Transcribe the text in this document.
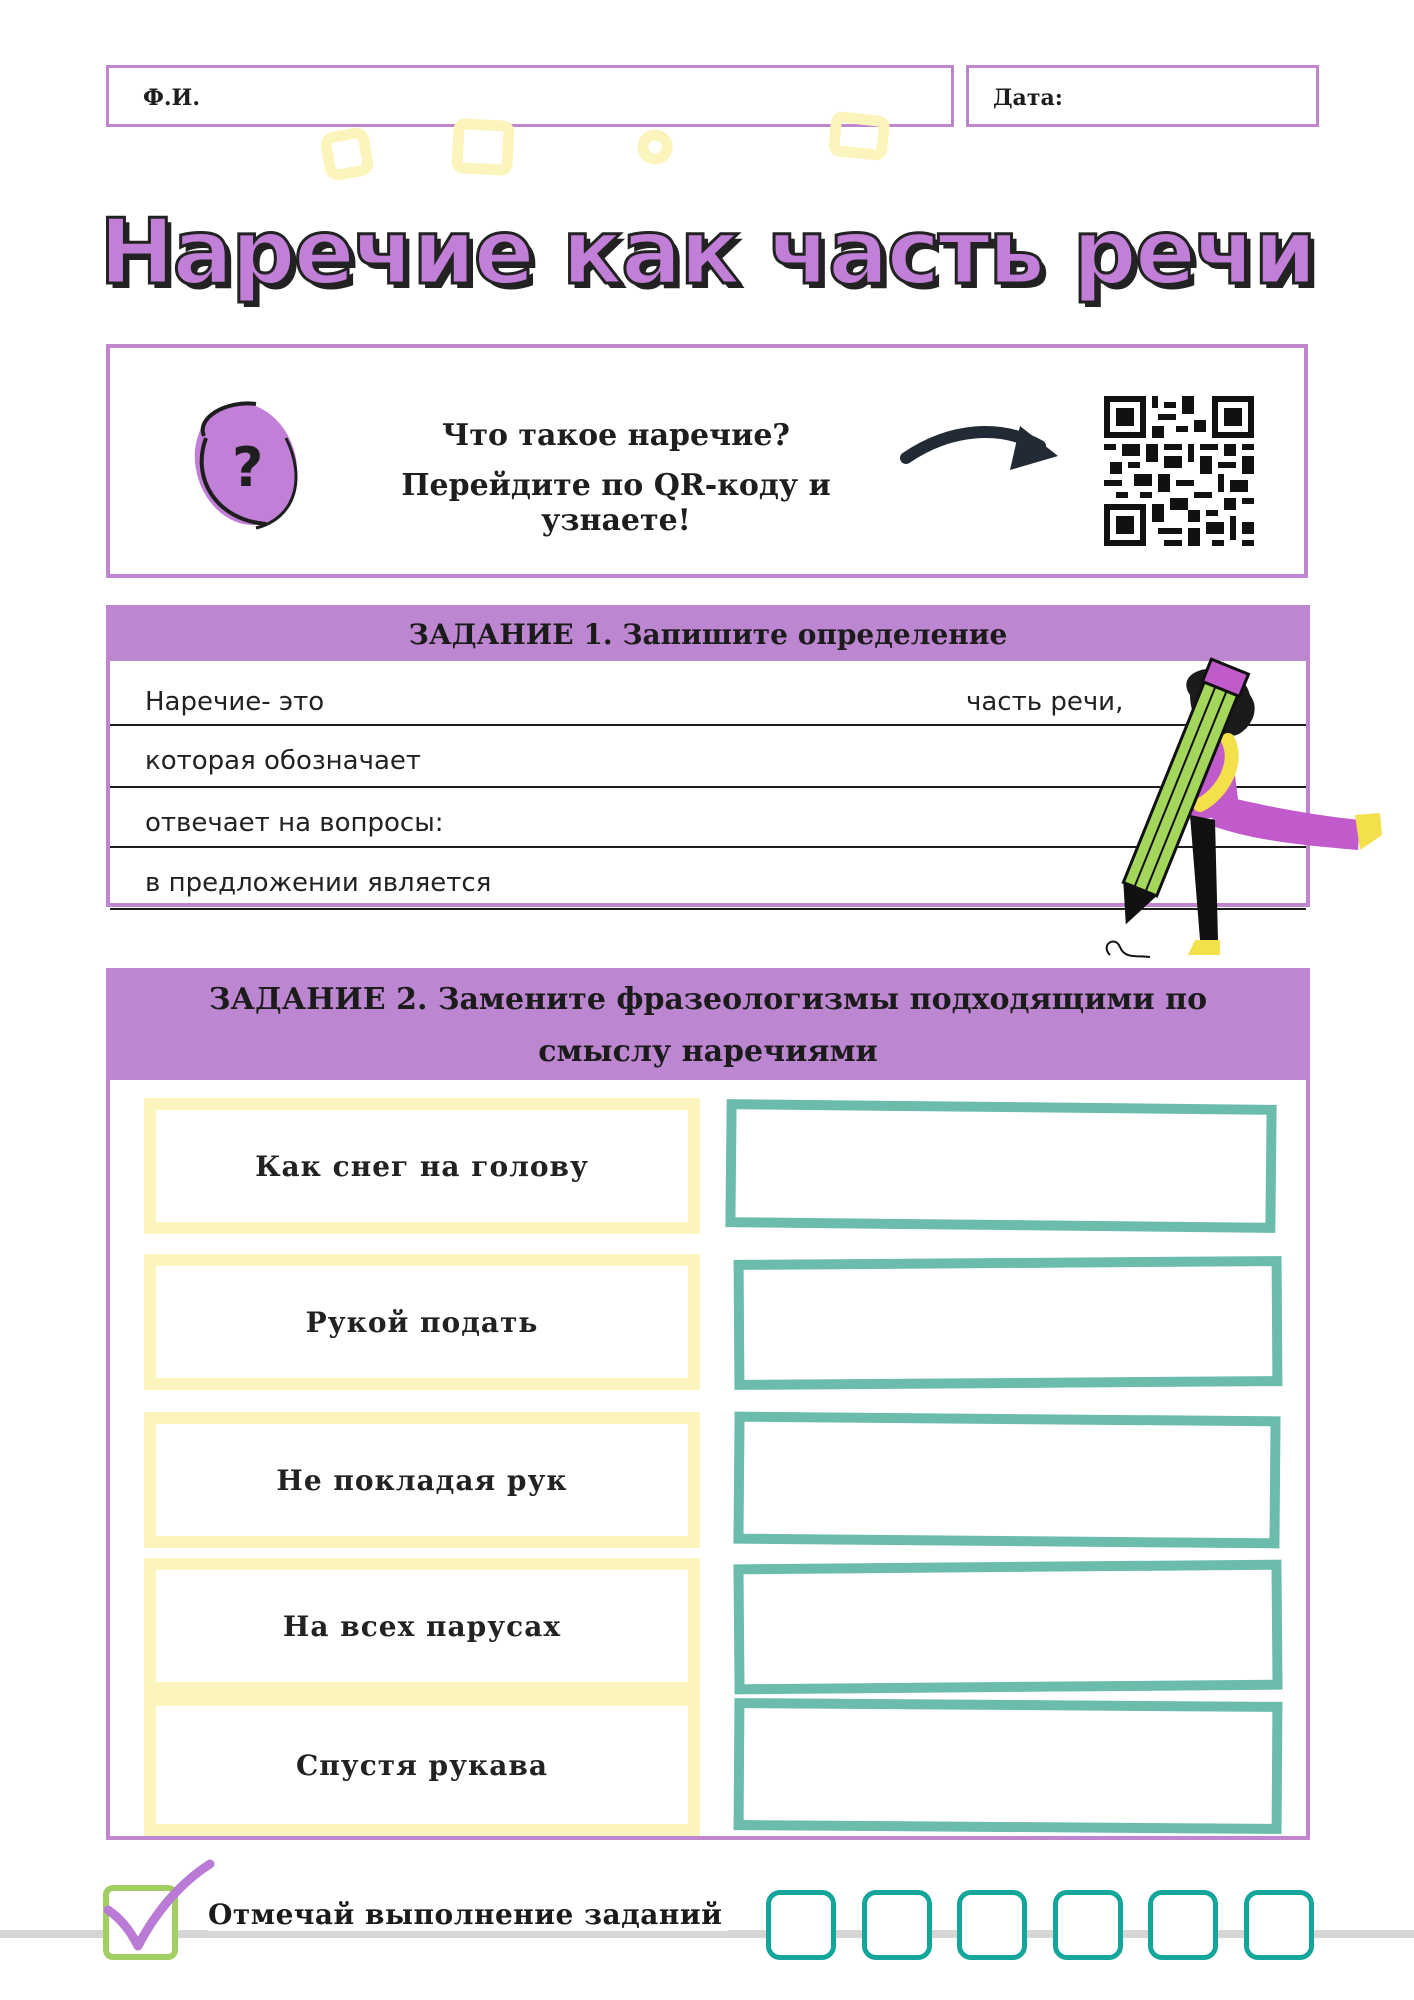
Ф.И.	Дата:
Наречие как часть речи
?
Что такое наречие?
Перейдите по QR-коду и узнаете!
ЗАДАНИЕ 1. Запишите определение
Наречие- это	часть речи,
которая обозначает
отвечает на вопросы:
в предложении является
ЗАДАНИЕ 2. Замените фразеологизмы подходящими по
смыслу наречиями
Как снег на голову
Рукой подать
Не покладая рук
На всех парусах
Спустя рукава
Отмечай выполнение заданий
